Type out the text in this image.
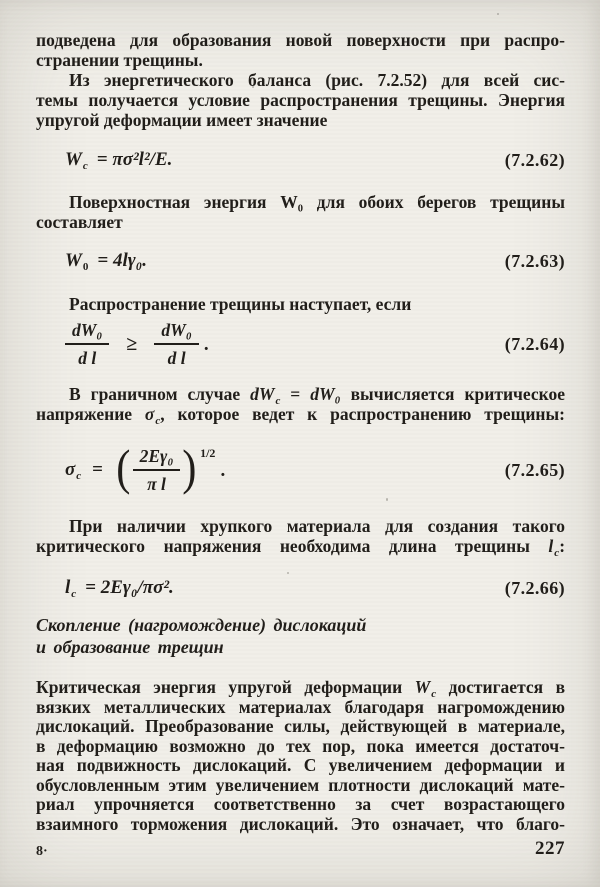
подведена для образования новой поверхности при распро-
странении трещины.
Из энергетического баланса (рис. 7.2.52) для всей сис-
темы получается условие распространения трещины. Энергия
упругой деформации имеет значение
$W_c = \pi\sigma^2l^2/E$.	(7.2.62)
Поверхностная энергия W₀ для обоих берегов трещины
составляет
$W_0 = 4l\gamma_0$.	(7.2.63)
Распространение трещины наступает, если
$\frac{\text{dW₀}}{\text{d l}} \ge \frac{\text{dW₀}}{\text{d l}}$ .	(7.2.64)
В граничном случае $dW_c = dW_0$ вычисляется критическое
напряжение $\sigma_c$, которое ведет к распространению трещины:
$\sigma_c$ = ( $\frac{\text{2Eγ₀}}{\text{π l}}$ ) $^{1/2}$
.	(7.2.65)
При наличии хрупкого материала для создания такого
критического напряжения необходима длина трещины $l_c$:
$l_c = 2E\gamma_0/\pi\sigma^2$.	(7.2.66)
Скопление (нагромождение) дислокаций
и образование трещин
Критическая энергия упругой деформации $W_c$ достигается в
вязких металлических материалах благодаря нагромождению
дислокаций. Преобразование силы, действующей в материале,
в деформацию возможно до тех пор, пока имеется достаточ-
ная подвижность дислокаций. С увеличением деформации и
обусловленным этим увеличением плотности дислокаций мате-
риал упрочняется соответственно за счет возрастающего
взаимного торможения дислокаций. Это означает, что благо-
8·	227
